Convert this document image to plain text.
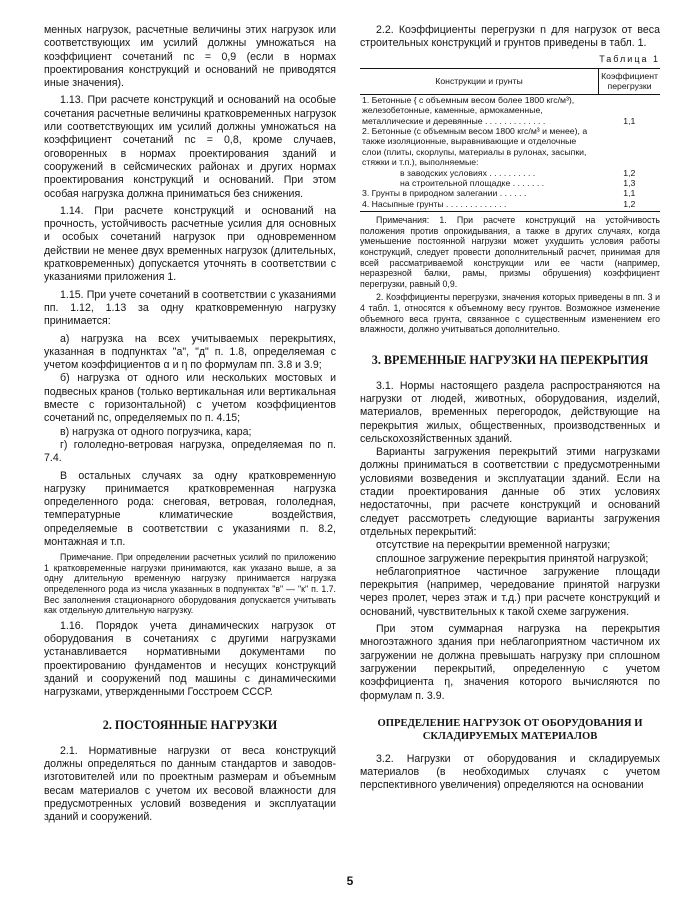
менных нагрузок, расчетные величины этих нагрузок или соответствующих им усилий должны умножаться на коэффициент сочетаний nc = 0,9 (если в нормах проектирования конструкций и оснований не приводятся иные значения).

1.13. При расчете конструкций и оснований на особые сочетания расчетные величины кратковременных нагрузок или соответствующих им усилий должны умножаться на коэффициент сочетаний nc = 0,8, кроме случаев, оговоренных в нормах проектирования зданий и сооружений в сейсмических районах и других нормах проектирования конструкций и оснований. При этом особая нагрузка должна приниматься без снижения.

1.14. При расчете конструкций и оснований на прочность, устойчивость расчетные усилия для основных и особых сочетаний нагрузок при одновременном действии не менее двух временных нагрузок (длительных, кратковременных) допускается уточнять в соответствии с указаниями приложения 1.

1.15. При учете сочетаний в соответствии с указаниями пп. 1.12, 1.13 за одну кратковременную нагрузку принимается:

а) нагрузка на всех учитываемых перекрытиях, указанная в подпунктах "а", "д" п. 1.8, определяемая с учетом коэффициентов α и η по формулам пп. 3.8 и 3.9;

б) нагрузка от одного или нескольких мостовых и подвесных кранов (только вертикальная или вертикальная вместе с горизонтальной) с учетом коэффициентов сочетаний nc, определяемых по п. 4.15;

в) нагрузка от одного погрузчика, кара;

г) гололедно-ветровая нагрузка, определяемая по п. 7.4.

В остальных случаях за одну кратковременную нагрузку принимается кратковременная нагрузка определенного рода: снеговая, ветровая, гололедная, температурные климатические воздействия, определяемые в соответствии с указаниями п. 8.2, монтажная и т.п.

Примечание. При определении расчетных усилий по приложению 1 кратковременные нагрузки принимаются, как указано выше, а за одну длительную временную нагрузку принимается нагрузка определенного рода из числа указанных в подпунктах "в" — "к" п. 1.7. Вес заполнения стационарного оборудования допускается учитывать как отдельную длительную нагрузку.

1.16. Порядок учета динамических нагрузок от оборудования в сочетаниях с другими нагрузками устанавливается нормативными документами по проектированию фундаментов и несущих конструкций зданий и сооружений под машины с динамическими нагрузками, утвержденными Госстроем СССР.

2. ПОСТОЯННЫЕ НАГРУЗКИ

2.1. Нормативные нагрузки от веса конструкций должны определяться по данным стандартов и заводов-изготовителей или по проектным размерам и объемным весам материалов с учетом их весовой влажности для предусмотренных условий возведения и эксплуатации зданий и сооружений.

2.2. Коэффициенты перегрузки n для нагрузок от веса строительных конструкций и грунтов приведены в табл. 1.

Таблица 1
Конструкции и грунты	Коэффициент перегрузки
1. Бетонные { с объемным весом более 1800 кгс/м³), железобетонные, каменные, армокаменные, металлические и деревянные . . . . . . . . . . . . .	1,1
2. Бетонные (с объемным весом 1800 кгс/м³ и менее), а также изоляционные, выравнивающие и отделочные слои (плиты, скорлупы, материалы в рулонах, засыпки, стяжки и т.п.), выполняемые:	
в заводских условиях . . . . . . . . . .	1,2
на строительной площадке . . . . . . .	1,3
3. Грунты в природном залегании . . . . . .	1,1
4. Насыпные грунты . . . . . . . . . . . . .	1,2

Примечания: 1. При расчете конструкций на устойчивость положения против опрокидывания, а также в других случаях, когда уменьшение постоянной нагрузки может ухудшить условия работы конструкций, следует провести дополнительный расчет, принимая для всей рассматриваемой конструкции или ее части (например, неразрезной балки, рамы, призмы обрушения) коэффициент перегрузки, равный 0,9.

2. Коэффициенты перегрузки, значения которых приведены в пп. 3 и 4 табл. 1, относятся к объемному весу грунтов. Возможное изменение объемного веса грунта, связанное с существенным изменением его влажности, должно учитываться дополнительно.

3. ВРЕМЕННЫЕ НАГРУЗКИ НА ПЕРЕКРЫТИЯ

3.1. Нормы настоящего раздела распространяются на нагрузки от людей, животных, оборудования, изделий, материалов, временных перегородок, действующие на перекрытия жилых, общественных, производственных и сельскохозяйственных зданий.

Варианты загружения перекрытий этими нагрузками должны приниматься в соответствии с предусмотренными условиями возведения и эксплуатации зданий. Если на стадии проектирования данные об этих условиях недостаточны, при расчете конструкций и оснований следует рассмотреть следующие варианты загружения отдельных перекрытий:

отсутствие на перекрытии временной нагрузки;

сплошное загружение перекрытия принятой нагрузкой;

неблагоприятное частичное загружение площади перекрытия (например, чередование принятой нагрузки через пролет, через этаж и т.д.) при расчете конструкций и оснований, чувствительных к такой схеме загружения.

При этом суммарная нагрузка на перекрытия многоэтажного здания при неблагоприятном частичном их загружении не должна превышать нагрузку при сплошном загружении перекрытий, определенную с учетом коэффициента η, значения которого вычисляются по формулам п. 3.9.

ОПРЕДЕЛЕНИЕ НАГРУЗОК ОТ ОБОРУДОВАНИЯ И СКЛАДИРУЕМЫХ МАТЕРИАЛОВ

3.2. Нагрузки от оборудования и складируемых материалов (в необходимых случаях с учетом перспективного увеличения) определяются на основании

5
